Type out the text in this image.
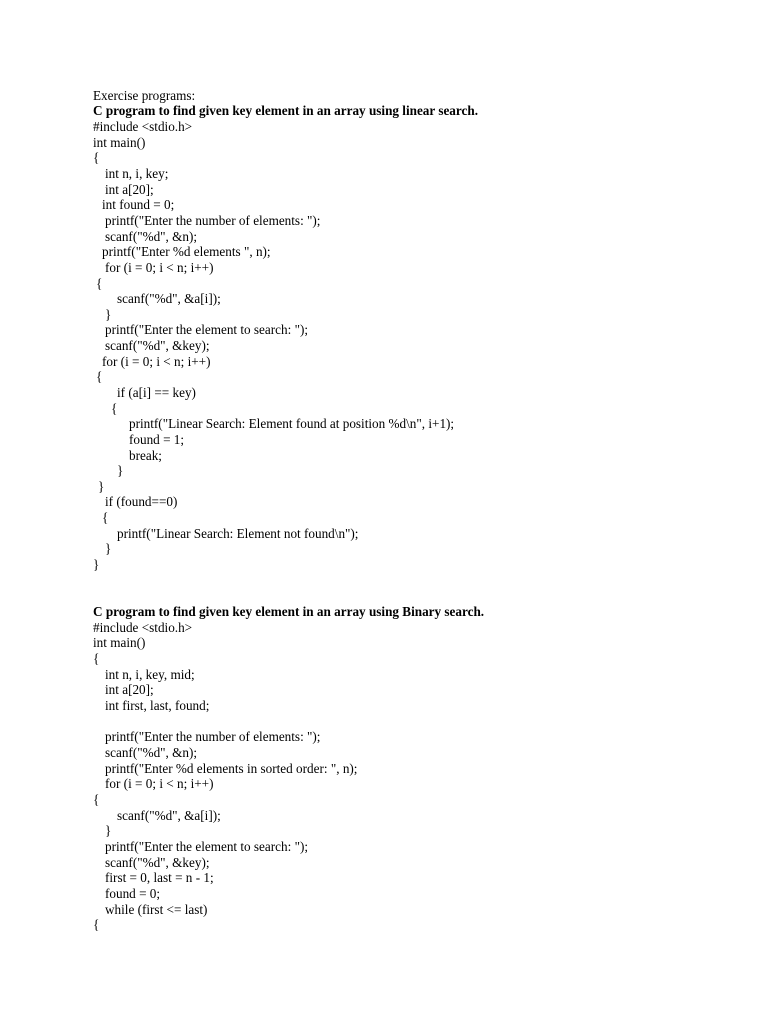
Exercise programs:
C program to find given key element in an array using linear search.
#include <stdio.h>
int main()
{
int n, i, key;
int a[20];
int found = 0;
printf("Enter the number of elements: ");
scanf("%d", &n);
printf("Enter %d elements ", n);
for (i = 0; i < n; i++)
{
scanf("%d", &a[i]);
}
printf("Enter the element to search: ");
scanf("%d", &key);
for (i = 0; i < n; i++)
{
if (a[i] == key)
{
printf("Linear Search: Element found at position %d\n", i+1);
found = 1;
break;
}
}
if (found==0)
{
printf("Linear Search: Element not found\n");
}
}
C program to find given key element in an array using Binary search.
#include <stdio.h>
int main()
{
int n, i, key, mid;
int a[20];
int first, last, found;
printf("Enter the number of elements: ");
scanf("%d", &n);
printf("Enter %d elements in sorted order: ", n);
for (i = 0; i < n; i++)
{
scanf("%d", &a[i]);
}
printf("Enter the element to search: ");
scanf("%d", &key);
first = 0, last = n - 1;
found = 0;
while (first <= last)
{
